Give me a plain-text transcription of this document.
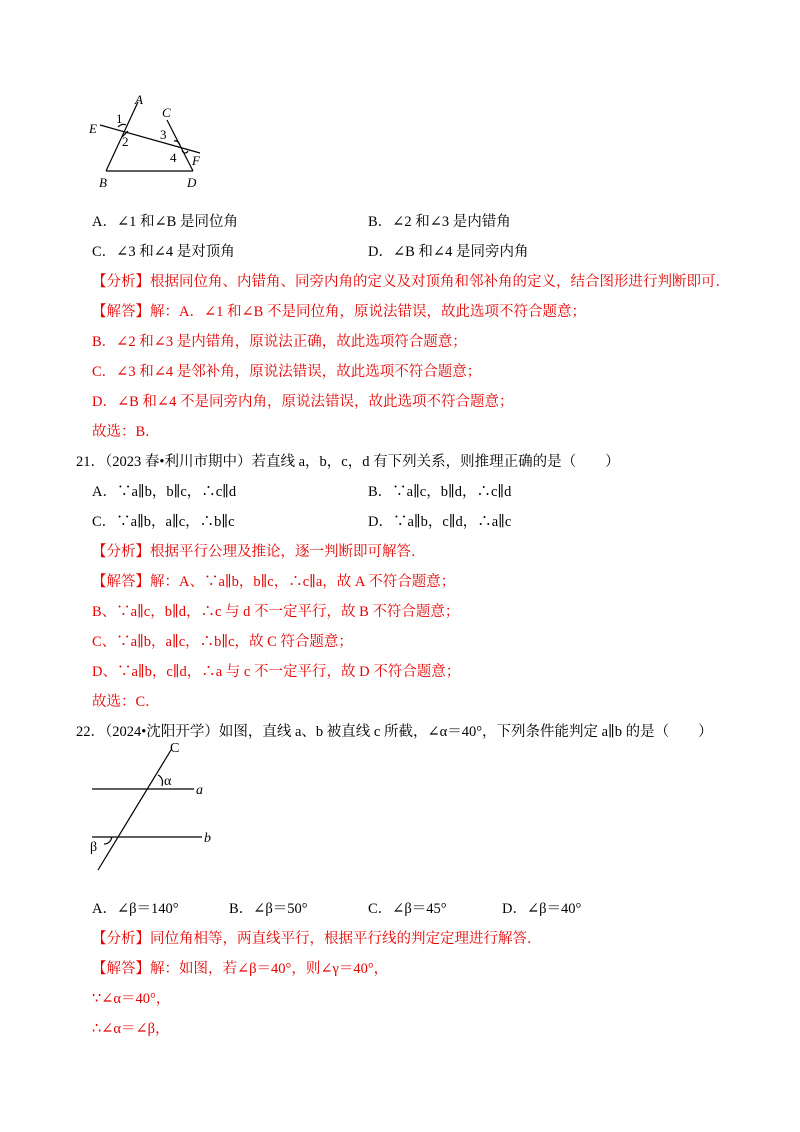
A
B
C
D
E
F
1
2 3
4
A．∠1 和∠B 是同位角	B．∠2 和∠3 是内错角
C．∠3 和∠4 是对顶角	D．∠B 和∠4 是同旁内角
【分析】根据同位角、内错角、同旁内角的定义及对顶角和邻补角的定义，结合图形进行判断即可．
【解答】解：A．∠1 和∠B 不是同位角，原说法错误，故此选项不符合题意；
B．∠2 和∠3 是内错角，原说法正确，故此选项符合题意；
C．∠3 和∠4 是邻补角，原说法错误，故此选项不符合题意；
D．∠B 和∠4 不是同旁内角，原说法错误，故此选项不符合题意；
故选：B．
21．（2023 春•利川市期中）若直线 a，b，c，d 有下列关系，则推理正确的是（　　）
A．∵a∥b，b∥c，∴c∥d	B．∵a∥c，b∥d，∴c∥d
C．∵a∥b，a∥c，∴b∥c	D．∵a∥b，c∥d，∴a∥c
【分析】根据平行公理及推论，逐一判断即可解答．
【解答】解：A、∵a∥b，b∥c，∴c∥a，故 A 不符合题意；
B、∵a∥c，b∥d，∴c 与 d 不一定平行，故 B 不符合题意；
C、∵a∥b，a∥c，∴b∥c，故 C 符合题意；
D、∵a∥b，c∥d，∴a 与 c 不一定平行，故 D 不符合题意；
故选：C．
22．（2024•沈阳开学）如图，直线 a、b 被直线 c 所截，∠α＝40°，下列条件能判定 a∥b 的是（　　）
C
α
a
b
β
A．∠β＝140°	B．∠β＝50°	C．∠β＝45°	D．∠β＝40°
【分析】同位角相等，两直线平行，根据平行线的判定定理进行解答．
【解答】解：如图，若∠β＝40°，则∠γ＝40°，
∵∠α＝40°，
∴∠α＝∠β，
